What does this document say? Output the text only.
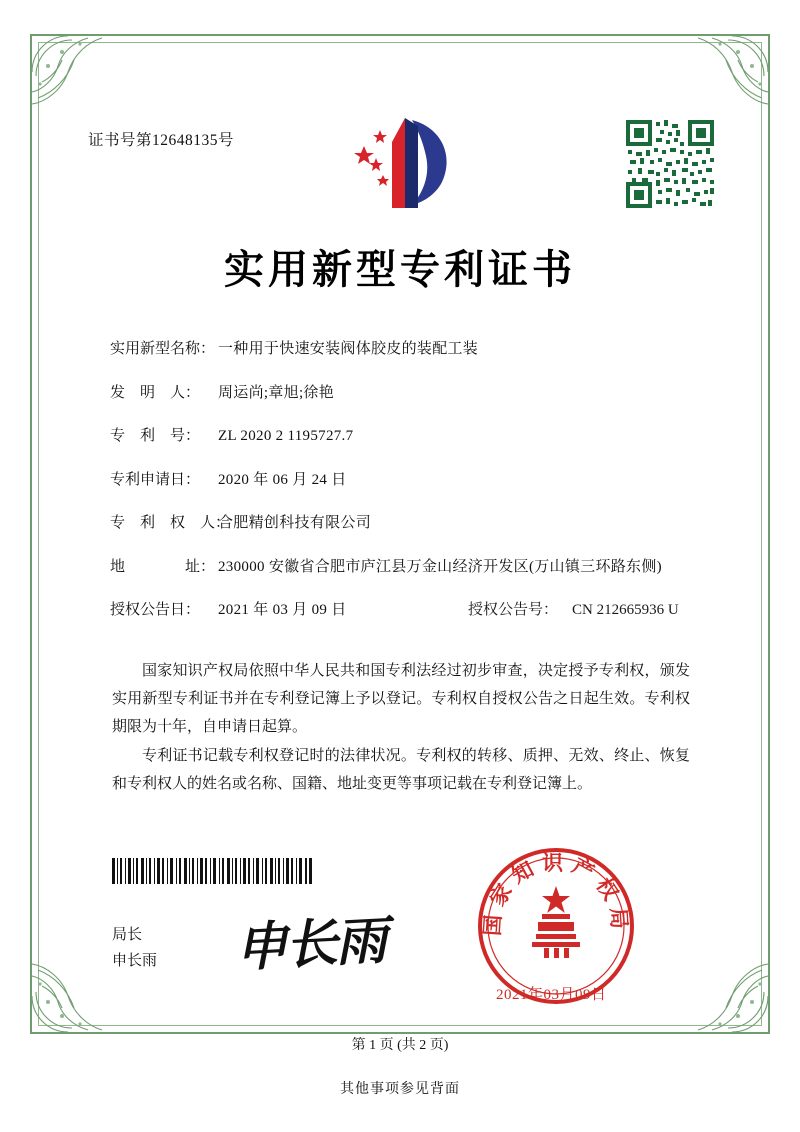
证书号第12648135号
实用新型专利证书
实用新型名称： 一种用于快速安装阀体胶皮的装配工装
发　明　人：	周运尚;章旭;徐艳
专　利　号：	ZL 2020 2 1195727.7
专利申请日：	2020 年 06 月 24 日
专　利　权　人：
合肥精创科技有限公司
地　　　　址： 230000 安徽省合肥市庐江县万金山经济开发区(万山镇三环路东侧)
授权公告日：	2021 年 03 月 09 日	授权公告号： CN 212665936 U

国家知识产权局依照中华人民共和国专利法经过初步审查，决定授予专利权，颁发实用新型专利证书并在专利登记簿上予以登记。专利权自授权公告之日起生效。专利权期限为十年，自申请日起算。

专利证书记载专利权登记时的法律状况。专利权的转移、质押、无效、终止、恢复和专利权人的姓名或名称、国籍、地址变更等事项记载在专利登记簿上。

局长
申长雨 申长雨	国家知识产权局
2021年03月09日
第 1 页 (共 2 页)
其他事项参见背面
